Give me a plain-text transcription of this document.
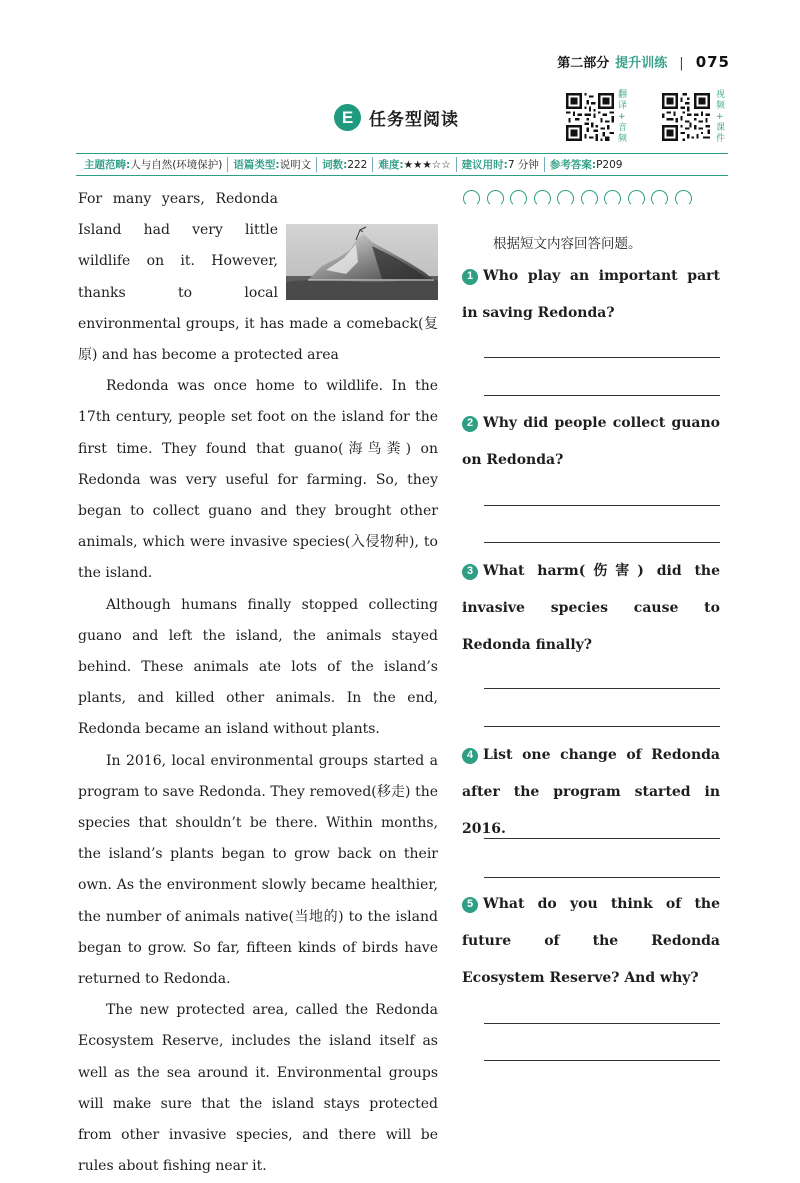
第二部分 提升训练 | 075
E 任务型阅读
翻
译
+
音
频
视
频
+
课
件
主题范畴:人与自然(环境保护)	语篇类型:说明文	词数:222	难度:★★★☆☆	建议用时:7 分钟	参考答案:P209

For many years, Redonda Island had very little wildlife on it. However, thanks to local environmental groups, it has made a comeback(复原) and has become a protected area

Redonda was once home to wildlife. In the 17th century, people set foot on the island for the first time. They found that guano(海鸟粪) on Redonda was very useful for farming. So, they began to collect guano and they brought other animals, which were invasive species(入侵物种), to the island.

Although humans finally stopped collecting guano and left the island, the animals stayed behind. These animals ate lots of the island’s plants, and killed other animals. In the end, Redonda became an island without plants.

In 2016, local environmental groups started a program to save Redonda. They removed(移走) the species that shouldn’t be there. Within months, the island’s plants began to grow back on their own. As the environment slowly became healthier, the number of animals native(当地的) to the island began to grow. So far, fifteen kinds of birds have returned to Redonda.

The new protected area, called the Redonda Ecosystem Reserve, includes the island itself as well as the sea around it. Environmental groups will make sure that the island stays protected from other invasive species, and there will be rules about fishing near it.

根据短文内容回答问题。
1 Who play an important part in saving Redonda?
2 Why did people collect guano on Redonda?
3 What harm(伤害) did the invasive species cause to Redonda finally?
4 List one change of Redonda after the program started in 2016.
5 What do you think of the future of the Redonda Ecosystem Reserve? And why?
